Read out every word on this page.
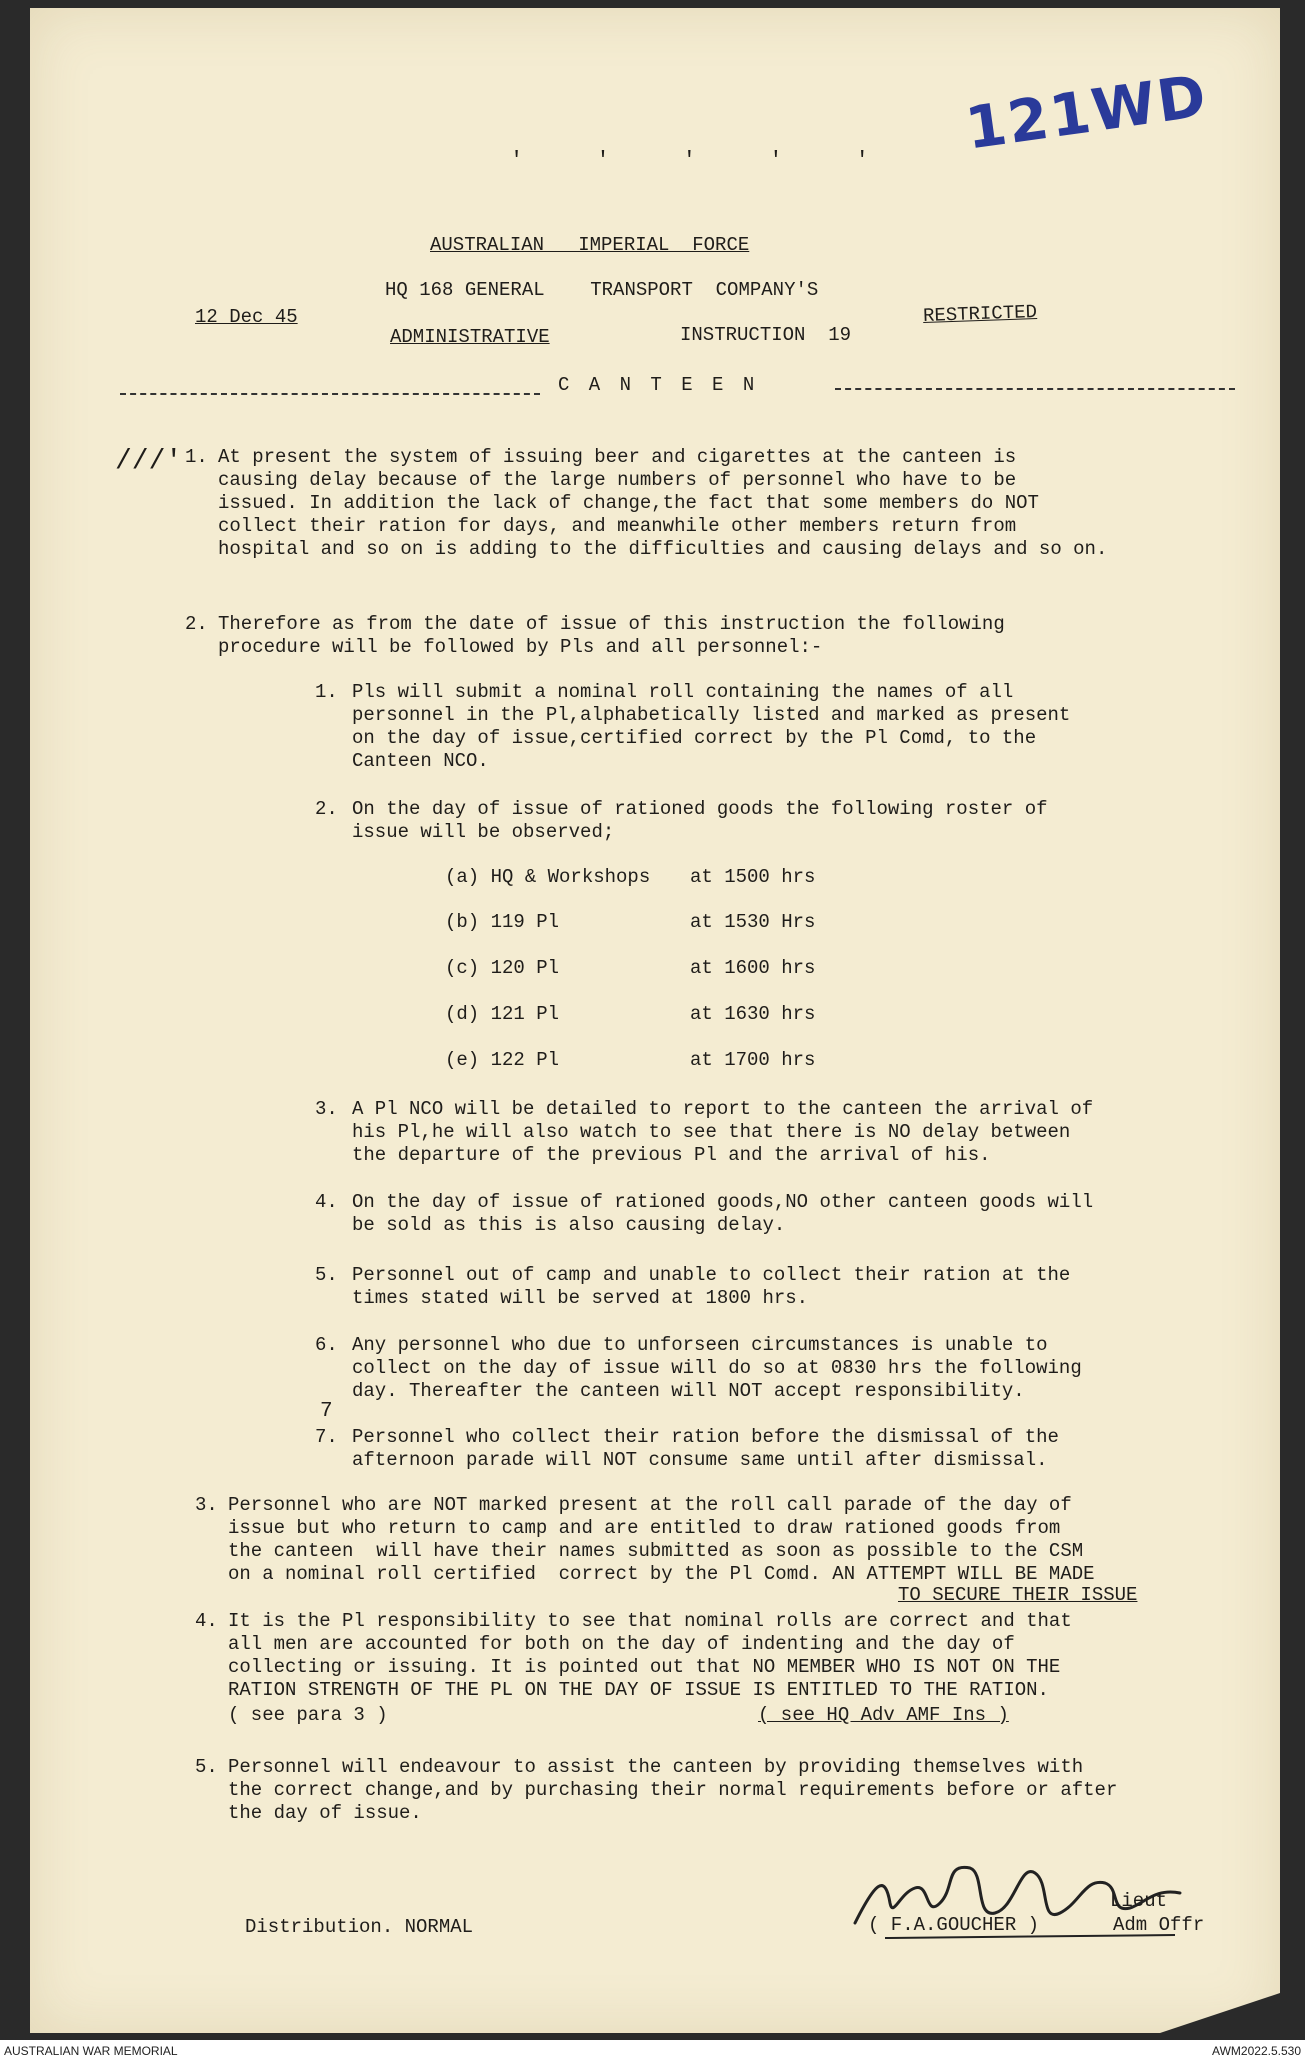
121WD
' ' ' ' '
AUSTRALIAN   IMPERIAL  FORCE
HQ 168 GENERAL    TRANSPORT  COMPANY'S
12 Dec 45	RESTRICTED
ADMINISTRATIVE	INSTRUCTION  19
C A N T E E N
///' 1. At present the system of issuing beer and cigarettes at the canteen is
causing delay because of the large numbers of personnel who have to be
issued. In addition the lack of change,the fact that some members do NOT
collect their ration for days, and meanwhile other members return from
hospital and so on is adding to the difficulties and causing delays and so on.
2. Therefore as from the date of issue of this instruction the following
procedure will be followed by Pls and all personnel:-
1. Pls will submit a nominal roll containing the names of all
personnel in the Pl,alphabetically listed and marked as present
on the day of issue,certified correct by the Pl Comd, to the
Canteen NCO.
2. On the day of issue of rationed goods the following roster of
issue will be observed;
(a) HQ & Workshops at 1500 hrs
(b) 119 Pl	at 1530 Hrs
(c) 120 Pl	at 1600 hrs
(d) 121 Pl	at 1630 hrs
(e) 122 Pl	at 1700 hrs
3. A Pl NCO will be detailed to report to the canteen the arrival of
his Pl,he will also watch to see that there is NO delay between
the departure of the previous Pl and the arrival of his.
4. On the day of issue of rationed goods,NO other canteen goods will
be sold as this is also causing delay.
5. Personnel out of camp and unable to collect their ration at the
times stated will be served at 1800 hrs.
6. Any personnel who due to unforseen circumstances is unable to
collect on the day of issue will do so at 0830 hrs the following
day. Thereafter the canteen will NOT accept responsibility.
7
7. Personnel who collect their ration before the dismissal of the
afternoon parade will NOT consume same until after dismissal.
3. Personnel who are NOT marked present at the roll call parade of the day of
issue but who return to camp and are entitled to draw rationed goods from
the canteen  will have their names submitted as soon as possible to the CSM
on a nominal roll certified  correct by the Pl Comd. AN ATTEMPT WILL BE MADE
TO SECURE THEIR ISSUE
4. It is the Pl responsibility to see that nominal rolls are correct and that
all men are accounted for both on the day of indenting and the day of
collecting or issuing. It is pointed out that NO MEMBER WHO IS NOT ON THE
RATION STRENGTH OF THE PL ON THE DAY OF ISSUE IS ENTITLED TO THE RATION.
( see para 3 )	( see HQ Adv AMF Ins )
5. Personnel will endeavour to assist the canteen by providing themselves with
the correct change,and by purchasing their normal requirements before or after
the day of issue.
Lieut
( F.A.GOUCHER )	Adm Offr
Distribution. NORMAL
AUSTRALIAN WAR MEMORIAL	AWM2022.5.530
